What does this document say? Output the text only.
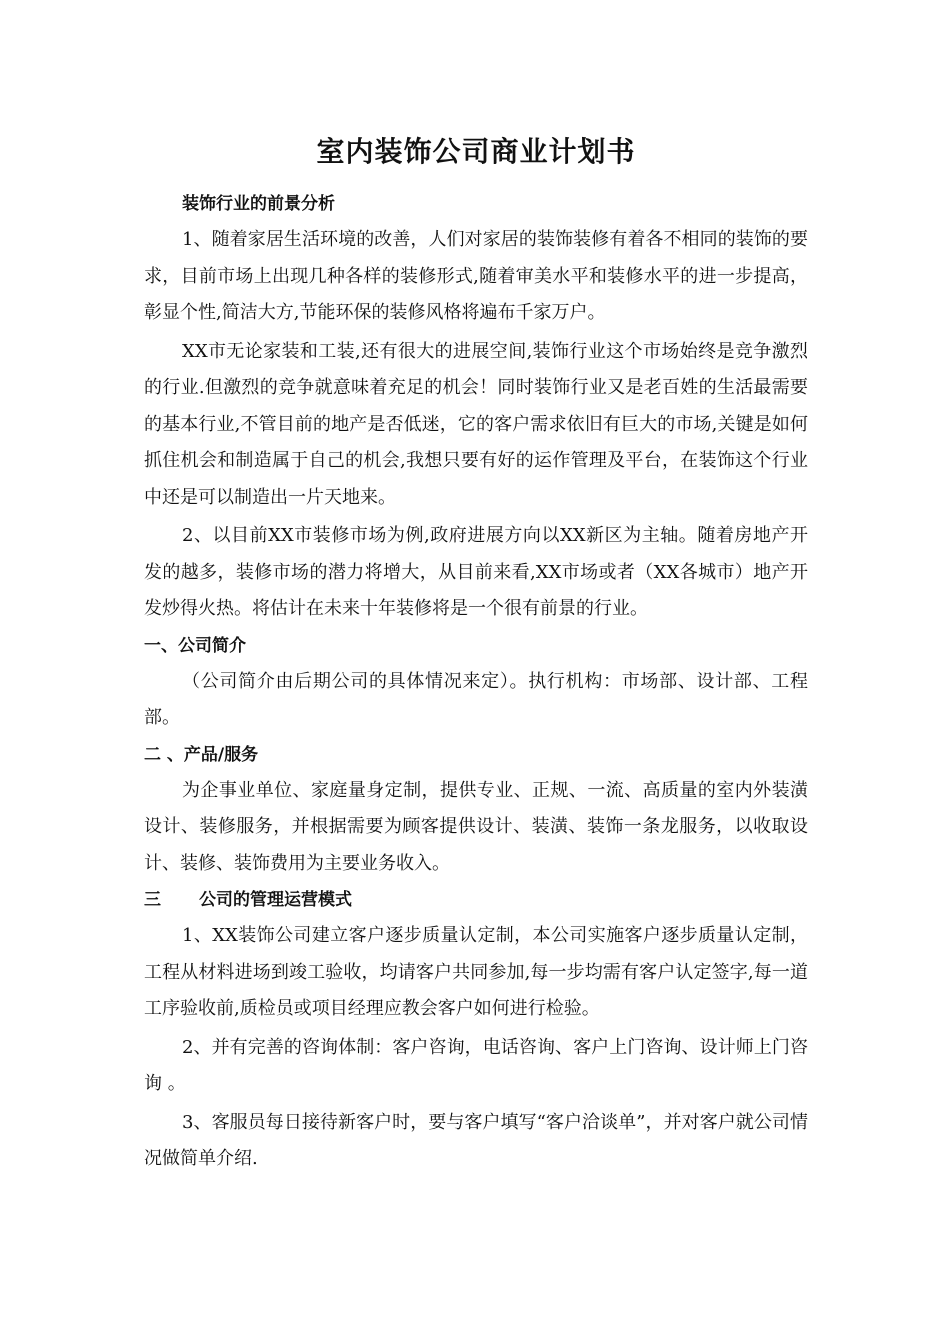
室内装饰公司商业计划书
装饰行业的前景分析

1、随着家居生活环境的改善，人们对家居的装饰装修有着各不相同的装饰的要求，目前市场上出现几种各样的装修形式,随着审美水平和装修水平的进一步提高，彰显个性,简洁大方,节能环保的装修风格将遍布千家万户。

XX市无论家装和工装,还有很大的进展空间,装饰行业这个市场始终是竞争激烈的行业.但激烈的竞争就意味着充足的机会！同时装饰行业又是老百姓的生活最需要的基本行业,不管目前的地产是否低迷，它的客户需求依旧有巨大的市场,关键是如何抓住机会和制造属于自己的机会,我想只要有好的运作管理及平台，在装饰这个行业中还是可以制造出一片天地来。

2、以目前XX市装修市场为例,政府进展方向以XX新区为主轴。随着房地产开发的越多，装修市场的潜力将增大，从目前来看,XX市场或者（XX各城市）地产开发炒得火热。将估计在未来十年装修将是一个很有前景的行业。

一、公司简介

（公司简介由后期公司的具体情况来定）。执行机构：市场部、设计部、工程部。

二 、产品/服务

为企事业单位、家庭量身定制，提供专业、正规、一流、高质量的室内外装潢设计、装修服务，并根据需要为顾客提供设计、装潢、装饰一条龙服务，以收取设计、装修、装饰费用为主要业务收入。

三 公司的管理运营模式

1、XX装饰公司建立客户逐步质量认定制，本公司实施客户逐步质量认定制，工程从材料进场到竣工验收，均请客户共同参加,每一步均需有客户认定签字,每一道工序验收前,质检员或项目经理应教会客户如何进行检验。

2、并有完善的咨询体制：客户咨询，电话咨询、客户上门咨询、设计师上门咨询 。

3、客服员每日接待新客户时，要与客户填写“客户洽谈单”，并对客户就公司情况做简单介绍.
